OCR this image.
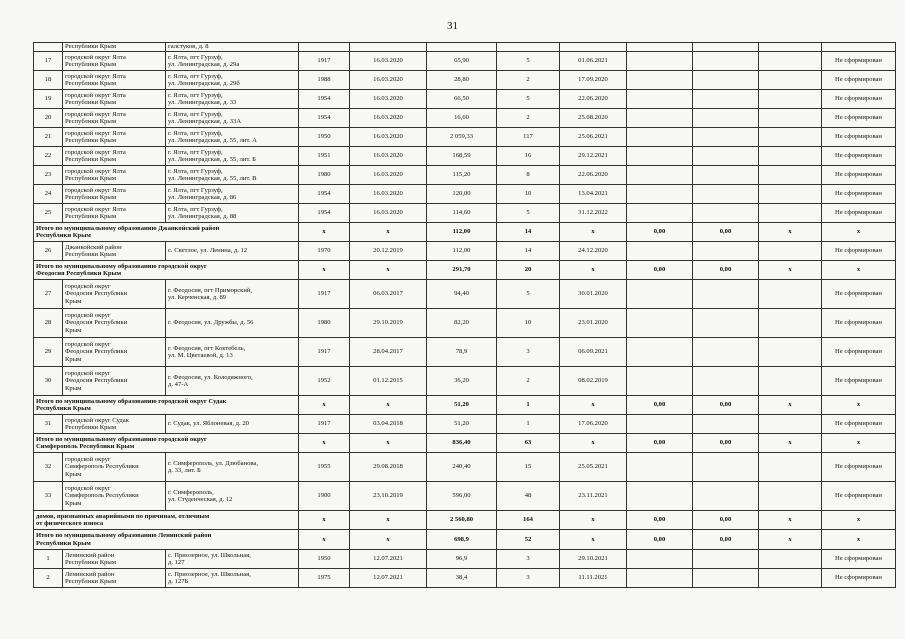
31
	Республики Крым	галстуков, д. 8									
17	городской округ Ялта
Республики Крым	г. Ялта, пгт Гурзуф,
ул. Ленинградская, д. 29а	1917	16.03.2020	65,90	5	01.06.2021				Не сформирован
18	городской округ Ялта
Республики Крым	г. Ялта, пгт Гурзуф,
ул. Ленинградская, д. 29б	1988	16.03.2020	28,80	2	17.09.2020				Не сформирован
19	городской округ Ялта
Республики Крым	г. Ялта, пгт Гурзуф,
ул. Ленинградская, д. 33	1954	16.03.2020	66,50	5	22.06.2020				Не сформирован
20	городской округ Ялта
Республики Крым	г. Ялта, пгт Гурзуф,
ул. Ленинградская, д. 33А	1954	16.03.2020	16,60	2	25.08.2020				Не сформирован
21	городской округ Ялта
Республики Крым	г. Ялта, пгт Гурзуф,
ул. Ленинградская, д. 55, лит. А	1950	16.03.2020	2 059,33	117	25.06.2021				Не сформирован
22	городской округ Ялта
Республики Крым	г. Ялта, пгт Гурзуф,
ул. Ленинградская, д. 55, лит. Б	1951	16.03.2020	168,59	16	29.12.2021				Не сформирован
23	городской округ Ялта
Республики Крым	г. Ялта, пгт Гурзуф,
ул. Ленинградская, д. 55, лит. В	1980	16.03.2020	115,20	8	22.06.2020				Не сформирован
24	городской округ Ялта
Республики Крым	г. Ялта, пгт Гурзуф,
ул. Ленинградская, д. 86	1954	16.03.2020	120,00	10	13.04.2021				Не сформирован
25	городской округ Ялта
Республики Крым	г. Ялта, пгт Гурзуф,
ул. Ленинградская, д. 88	1954	16.03.2020	114,60	5	31.12.2022				Не сформирован

Итого по муниципальному образованию Джанкойский район
Республики Крым			x	x	112,00	14	x	0,00	0,00	x	x
26	Джанкойский район
Республики Крым	с. Светлое, ул. Ленина, д. 12	1970	20.12.2019	112,00	14	24.12.2020				Не сформирован

Итого по муниципальному образованию городской округ
Феодосия Республики Крым			x	x	291,70	20	x	0,00	0,00	x	x
27	городской округ
Феодосия Республики
Крым	г. Феодосия, пгт Приморский,
ул. Керченская, д. 89	1917	06.03.2017	94,40	5	30.01.2020				Не сформирован
28	городской округ
Феодосия Республики
Крым	г. Феодосия, ул. Дружбы, д. 56	1980	29.10.2019	82,20	10	23.01.2020				Не сформирован
29	городской округ
Феодосия Республики
Крым	г. Феодосия, пгт Коктебель,
ул. М. Цветаевой, д. 13	1917	28.04.2017	78,9	3	06.09.2021				Не сформирован
30	городской округ
Феодосия Республики
Крым	г. Феодосия, ул. Колодяжного,
д. 47-А	1952	01.12.2015	36,20	2	08.02.2019				Не сформирован

Итого по муниципальному образованию городской округ Судак
Республики Крым			x	x	51,20	1	x	0,00	0,00	x	x
31	городской округ Судак
Республики Крым	г. Судак, ул. Яблоневая, д. 20	1917	03.04.2018	51,20	1	17.06.2020				Не сформирован

Итого по муниципальному образованию городской округ
Симферополь Республики Крым			x	x	836,40	63	x	0,00	0,00	x	x
32	городской округ
Симферополь Республики
Крым	г. Симферополь, ул. Дзюбанова,
д. 33, лит. Б	1955	29.08.2018	240,40	15	25.05.2021				Не сформирован
33	городской округ
Симферополь Республики
Крым	г. Симферополь,
ул. Студенческая, д. 12	1900	23.10.2019	596,00	48	23.11.2021				Не сформирован

домов, признанных аварийными по причинам, отличным
от физического износа			x	x	2 560,80	164	x	0,00	0,00	x	x

Итого по муниципальному образованию Ленинский район
Республики Крым			x	x	698,9	52	x	0,00	0,00	x	x
1	Ленинский район
Республики Крым	с. Приозерное, ул. Школьная,
д. 127	1950	12.07.2021	96,9	3	29.10.2021				Не сформирован
2	Ленинский район
Республики Крым	с. Приозерное, ул. Школьная,
д. 127Б	1975	12.07.2021	38,4	3	11.11.2021				Не сформирован
